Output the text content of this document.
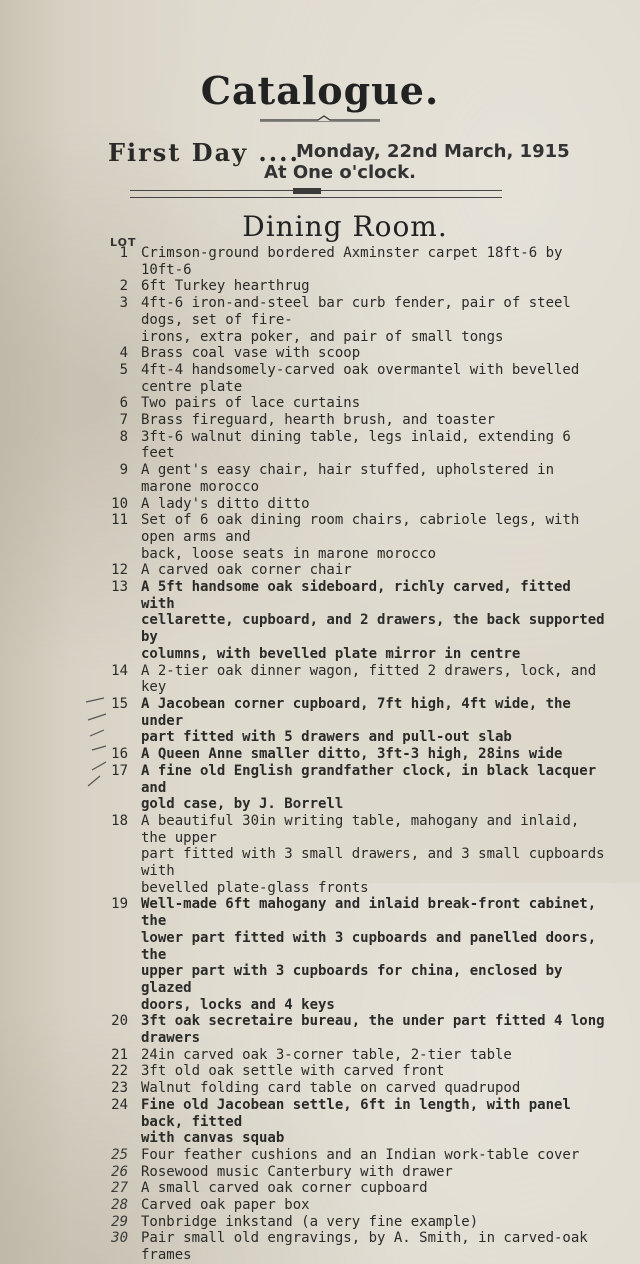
Catalogue.
First Day ....
Monday, 22nd March, 1915
At One o'clock.
Dining Room.
LOT
1 Crimson-ground bordered Axminster carpet 18ft-6 by 10ft-6
2 6ft Turkey hearthrug
3 4ft-6 iron-and-steel bar curb fender, pair of steel dogs, set of fire-
irons, extra poker, and pair of small tongs
4 Brass coal vase with scoop
5 4ft-4 handsomely-carved oak overmantel with bevelled centre plate
6 Two pairs of lace curtains
7 Brass fireguard, hearth brush, and toaster
8 3ft-6 walnut dining table, legs inlaid, extending 6 feet
9 A gent's easy chair, hair stuffed, upholstered in marone morocco
10 A lady's ditto ditto
11 Set of 6 oak dining room chairs, cabriole legs, with open arms and
back, loose seats in marone morocco
12 A carved oak corner chair
13 A 5ft handsome oak sideboard, richly carved, fitted with
cellarette, cupboard, and 2 drawers, the back supported by
columns, with bevelled plate mirror in centre
14 A 2-tier oak dinner wagon, fitted 2 drawers, lock, and key
15 A Jacobean corner cupboard, 7ft high, 4ft wide, the under
part fitted with 5 drawers and pull-out slab
16 A Queen Anne smaller ditto, 3ft-3 high, 28ins wide
17 A fine old English grandfather clock, in black lacquer and
gold case, by J. Borrell
18 A beautiful 30in writing table, mahogany and inlaid, the upper
part fitted with 3 small drawers, and 3 small cupboards with
bevelled plate-glass fronts
19 Well-made 6ft mahogany and inlaid break-front cabinet, the
lower part fitted with 3 cupboards and panelled doors, the
upper part with 3 cupboards for china, enclosed by glazed
doors, locks and 4 keys
20 3ft oak secretaire bureau, the under part fitted 4 long drawers
21 24in carved oak 3-corner table, 2-tier table
22 3ft old oak settle with carved front
23 Walnut folding card table on carved quadrupod
24 Fine old Jacobean settle, 6ft in length, with panel back, fitted
with canvas squab
25 Four feather cushions and an Indian work-table cover
26 Rosewood music Canterbury with drawer
27 A small carved oak corner cupboard
28 Carved oak paper box
29 Tonbridge inkstand (a very fine example)
30 Pair small old engravings, by A. Smith, in carved-oak frames
